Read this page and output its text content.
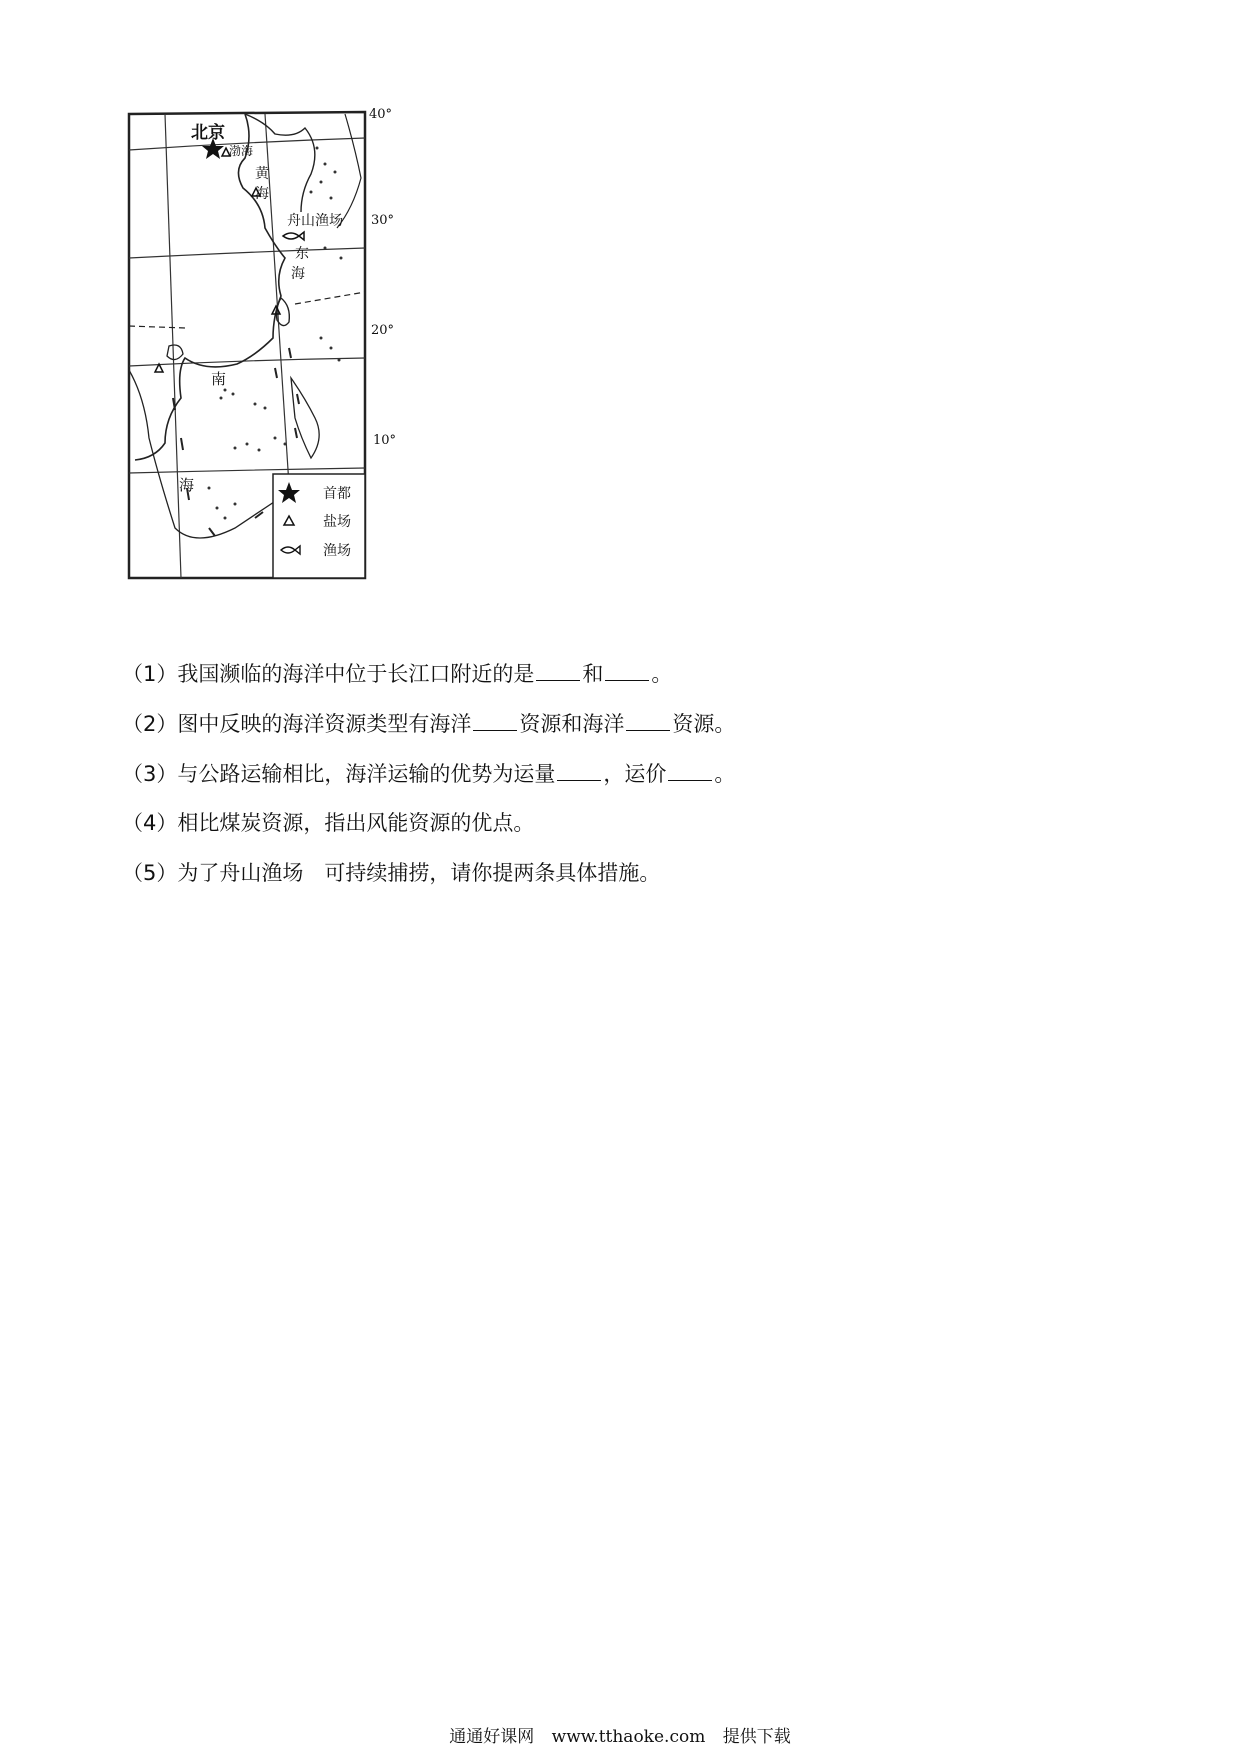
北京
渤海
黄
海
舟山渔场
东
海
南
海
40°
30°
20°
10°
首都
盐场
渔场
（1）我国濒临的海洋中位于长江口附近的是 和 。
（2）图中反映的海洋资源类型有海洋 资源和海洋 资源。
（3）与公路运输相比，海洋运输的优势为运量 ，运价 。
（4）相比煤炭资源，指出风能资源的优点。
（5）为了舟山渔场　可持续捕捞，请你提两条具体措施。
通通好课网 www.tthaoke.com 提供下载
